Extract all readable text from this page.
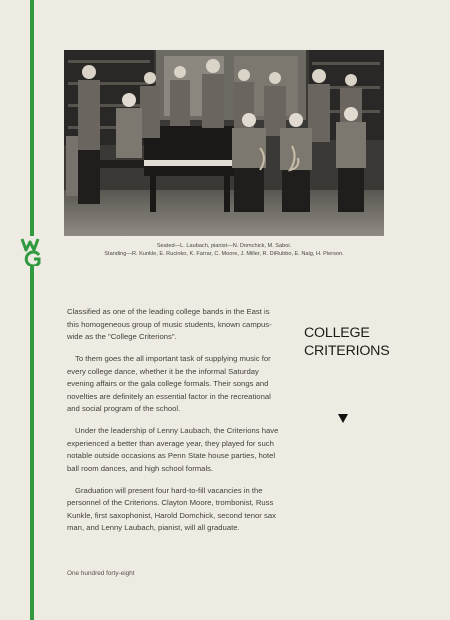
Seated—L. Laubach, pianist—N. Domchick, M. Saboi.
Standing—R. Kunkle, E. Rucinko, K. Farrar, C. Moore, J. Miller, R. DiRubbo, E. Naig, H. Pierson.

Classified as one of the leading college bands in the East is this homogeneous group of music students, known campus-wide as the "College Criterions".

To them goes the all important task of supplying music for every college dance, whether it be the informal Saturday evening affairs or the gala college formals. Their songs and novelties are definitely an essential factor in the recreational and social program of the school.

Under the leadership of Lenny Laubach, the Criterions have experienced a better than average year, they played for such notable outside occasions as Penn State house parties, hotel ball room dances, and high school formals.

Graduation will present four hard-to-fill vacancies in the personnel of the Criterions. Clayton Moore, trombonist, Russ Kunkle, first saxophonist, Harold Domchick, second tenor sax man, and Lenny Laubach, pianist, will all graduate.

COLLEGE
CRITERIONS
One hundred forty-eight
